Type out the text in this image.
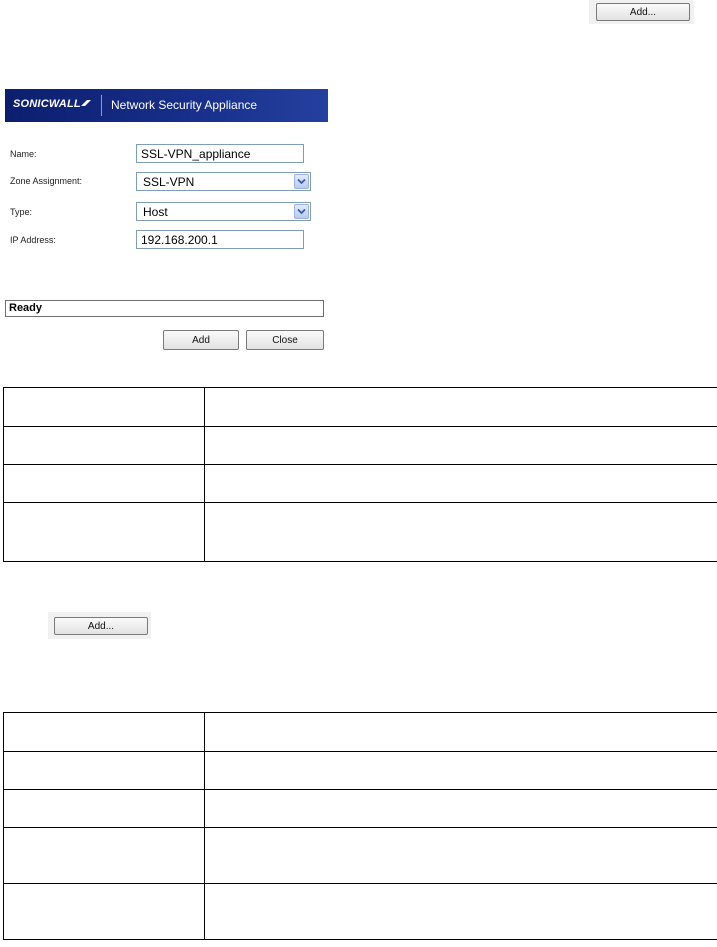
Add...
SONICWALL	Network Security Appliance
Name:	SSL-VPN_appliance
Zone Assignment:	SSL-VPN
Type:	Host
IP Address:	192.168.200.1
Ready
Add	Close

Add...
